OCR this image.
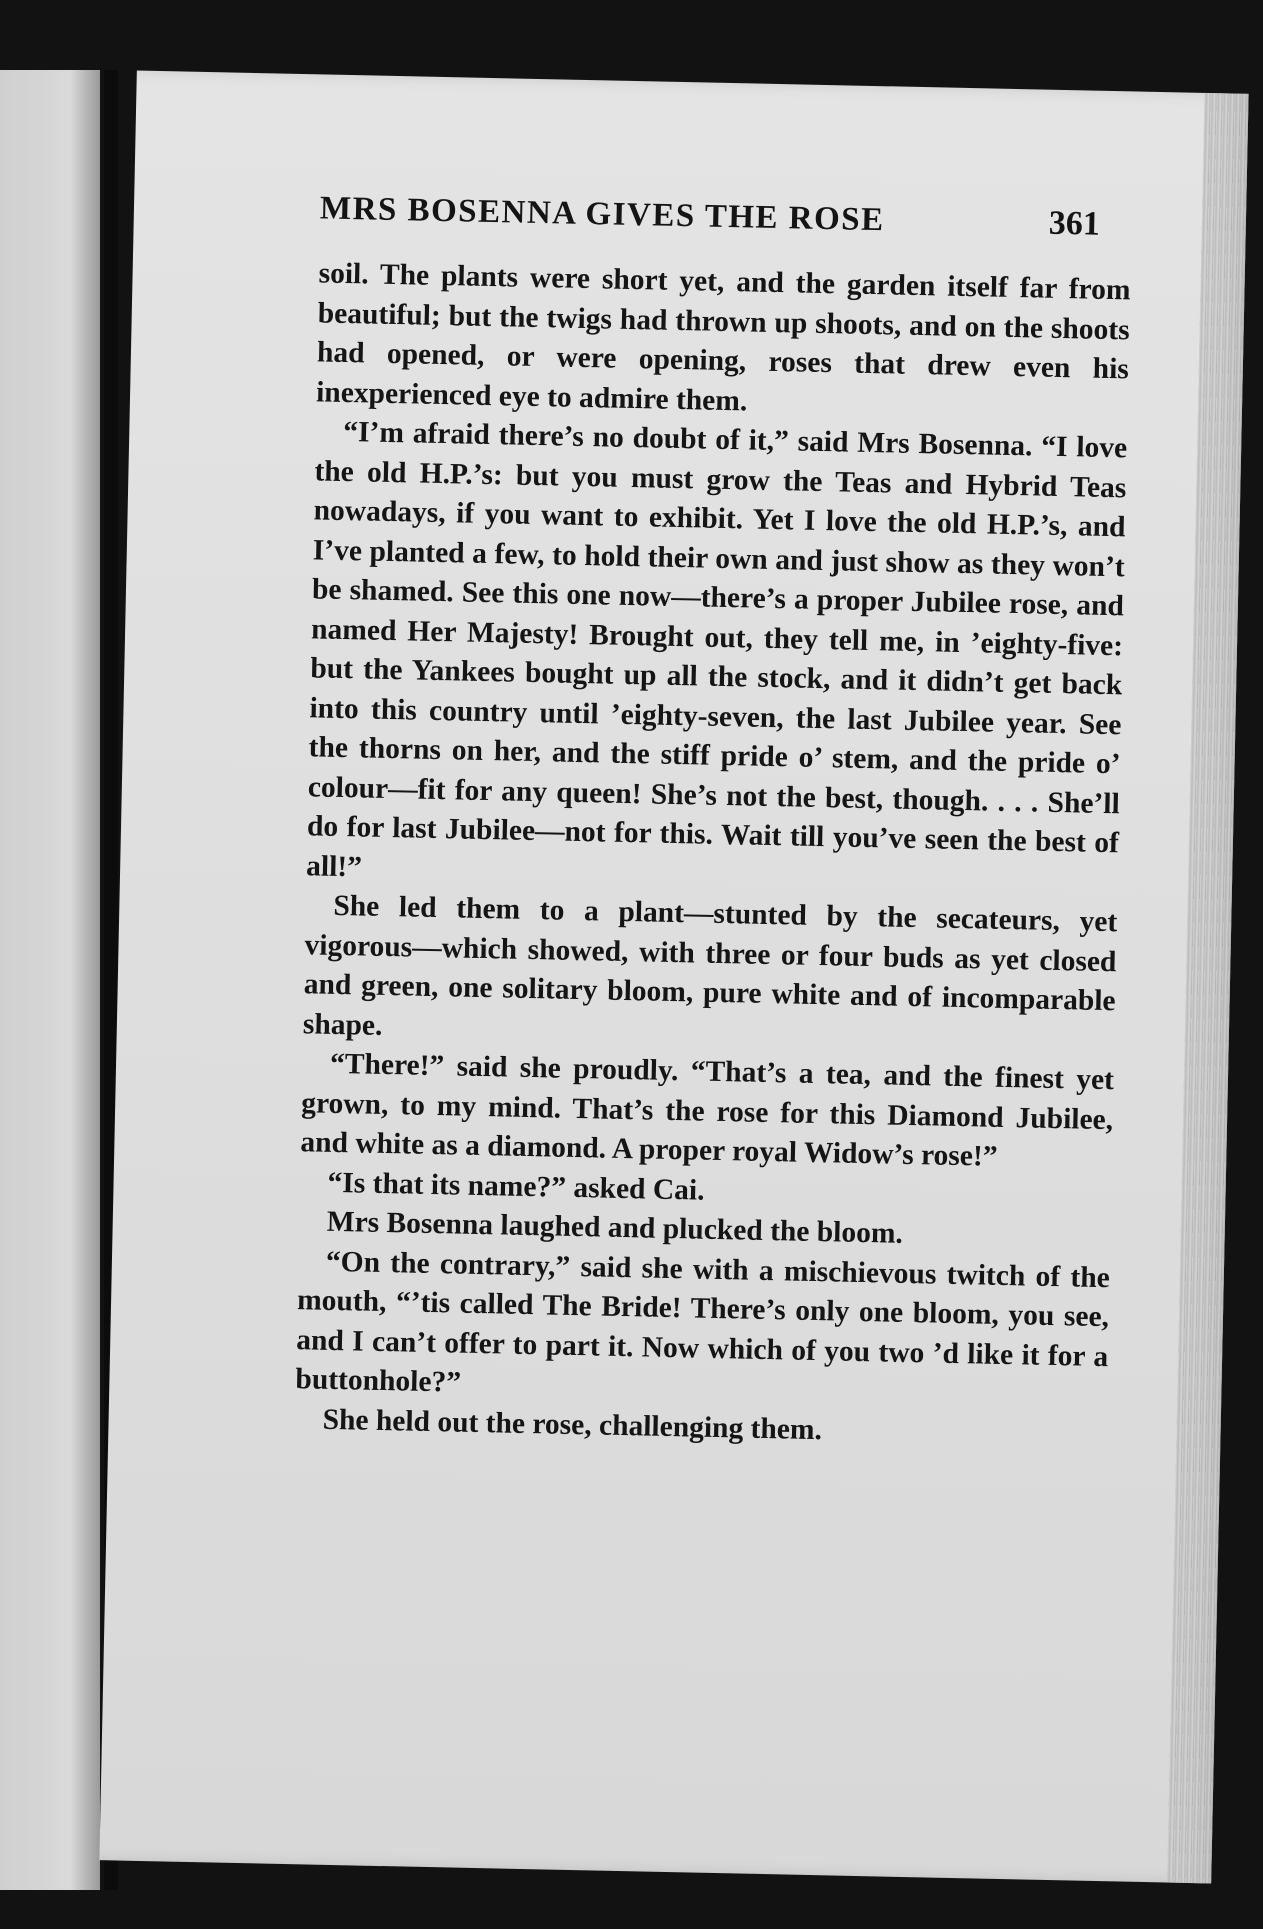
MRS BOSENNA GIVES THE ROSE	361

soil. The plants were short yet, and the garden itself far from beautiful; but the twigs had thrown up shoots, and on the shoots had opened, or were opening, roses that drew even his inexperienced eye to admire them.

“I’m afraid there’s no doubt of it,” said Mrs Bosenna. “I love the old H.P.’s: but you must grow the Teas and Hybrid Teas nowadays, if you want to exhibit. Yet I love the old H.P.’s, and I’ve planted a few, to hold their own and just show as they won’t be shamed. See this one now—there’s a proper Jubilee rose, and named Her Majesty! Brought out, they tell me, in ’eighty-five: but the Yankees bought up all the stock, and it didn’t get back into this country until ’eighty-seven, the last Jubilee year. See the thorns on her, and the stiff pride o’ stem, and the pride o’ colour—fit for any queen! She’s not the best, though. . . . She’ll do for last Jubilee—not for this. Wait till you’ve seen the best of all!”

She led them to a plant—stunted by the secateurs, yet vigorous—which showed, with three or four buds as yet closed and green, one solitary bloom, pure white and of incomparable shape.

“There!” said she proudly. “That’s a tea, and the finest yet grown, to my mind. That’s the rose for this Diamond Jubilee, and white as a diamond. A proper royal Widow’s rose!”

“Is that its name?” asked Cai.

Mrs Bosenna laughed and plucked the bloom.

“On the contrary,” said she with a mischievous twitch of the mouth, “’tis called The Bride! There’s only one bloom, you see, and I can’t offer to part it. Now which of you two ’d like it for a buttonhole?”

She held out the rose, challenging them.
